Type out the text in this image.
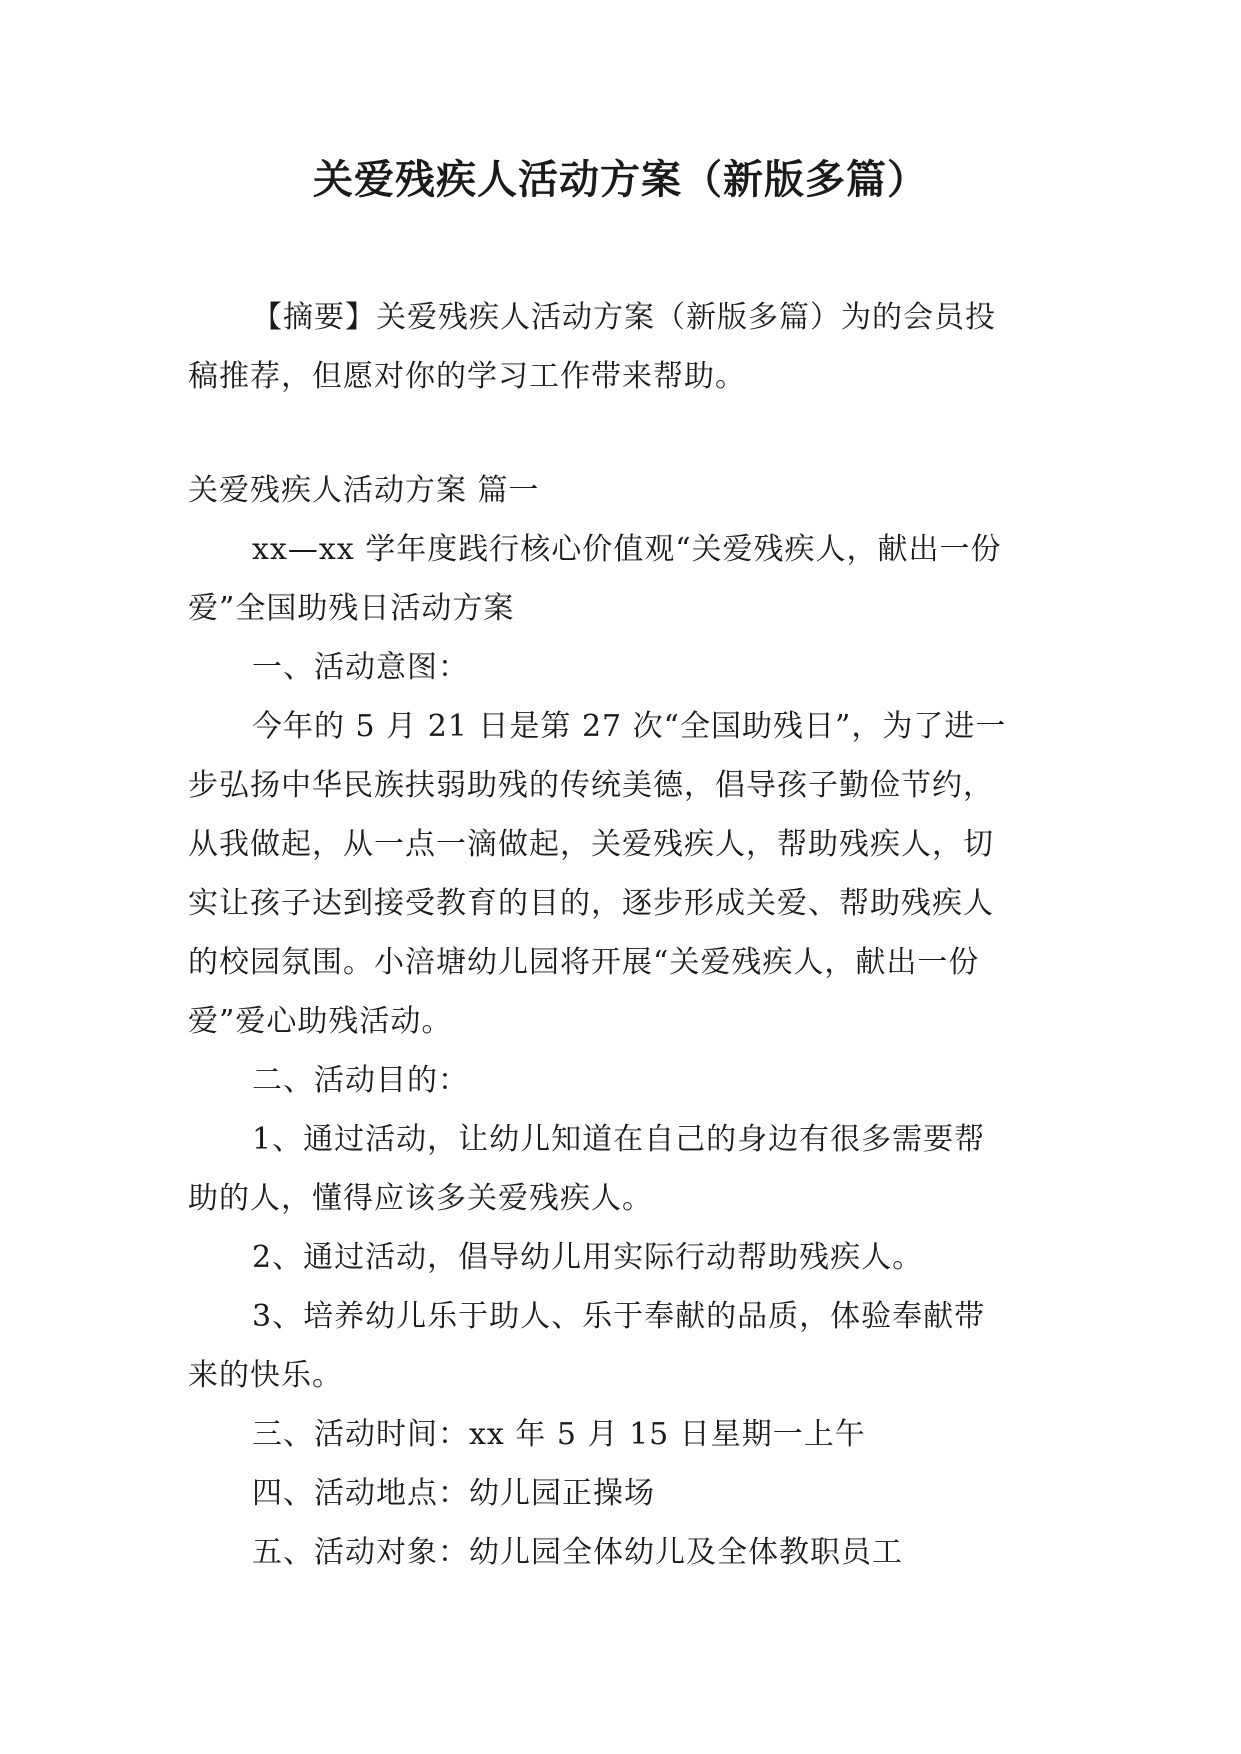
关爱残疾人活动方案（新版多篇）
【摘要】关爱残疾人活动方案（新版多篇）为的会员投
稿推荐，但愿对你的学习工作带来帮助。
关爱残疾人活动方案 篇一
xx—xx 学年度践行核心价值观“关爱残疾人，献出一份
爱”全国助残日活动方案
一、活动意图：
今年的 5 月 21 日是第 27 次“全国助残日”，为了进一
步弘扬中华民族扶弱助残的传统美德，倡导孩子勤俭节约，
从我做起，从一点一滴做起，关爱残疾人，帮助残疾人，切
实让孩子达到接受教育的目的，逐步形成关爱、帮助残疾人
的校园氛围。小涪塘幼儿园将开展“关爱残疾人，献出一份
爱”爱心助残活动。
二、活动目的：
1、通过活动，让幼儿知道在自己的身边有很多需要帮
助的人，懂得应该多关爱残疾人。
2、通过活动，倡导幼儿用实际行动帮助残疾人。
3、培养幼儿乐于助人、乐于奉献的品质，体验奉献带
来的快乐。
三、活动时间：xx 年 5 月 15 日星期一上午
四、活动地点：幼儿园正操场
五、活动对象：幼儿园全体幼儿及全体教职员工
